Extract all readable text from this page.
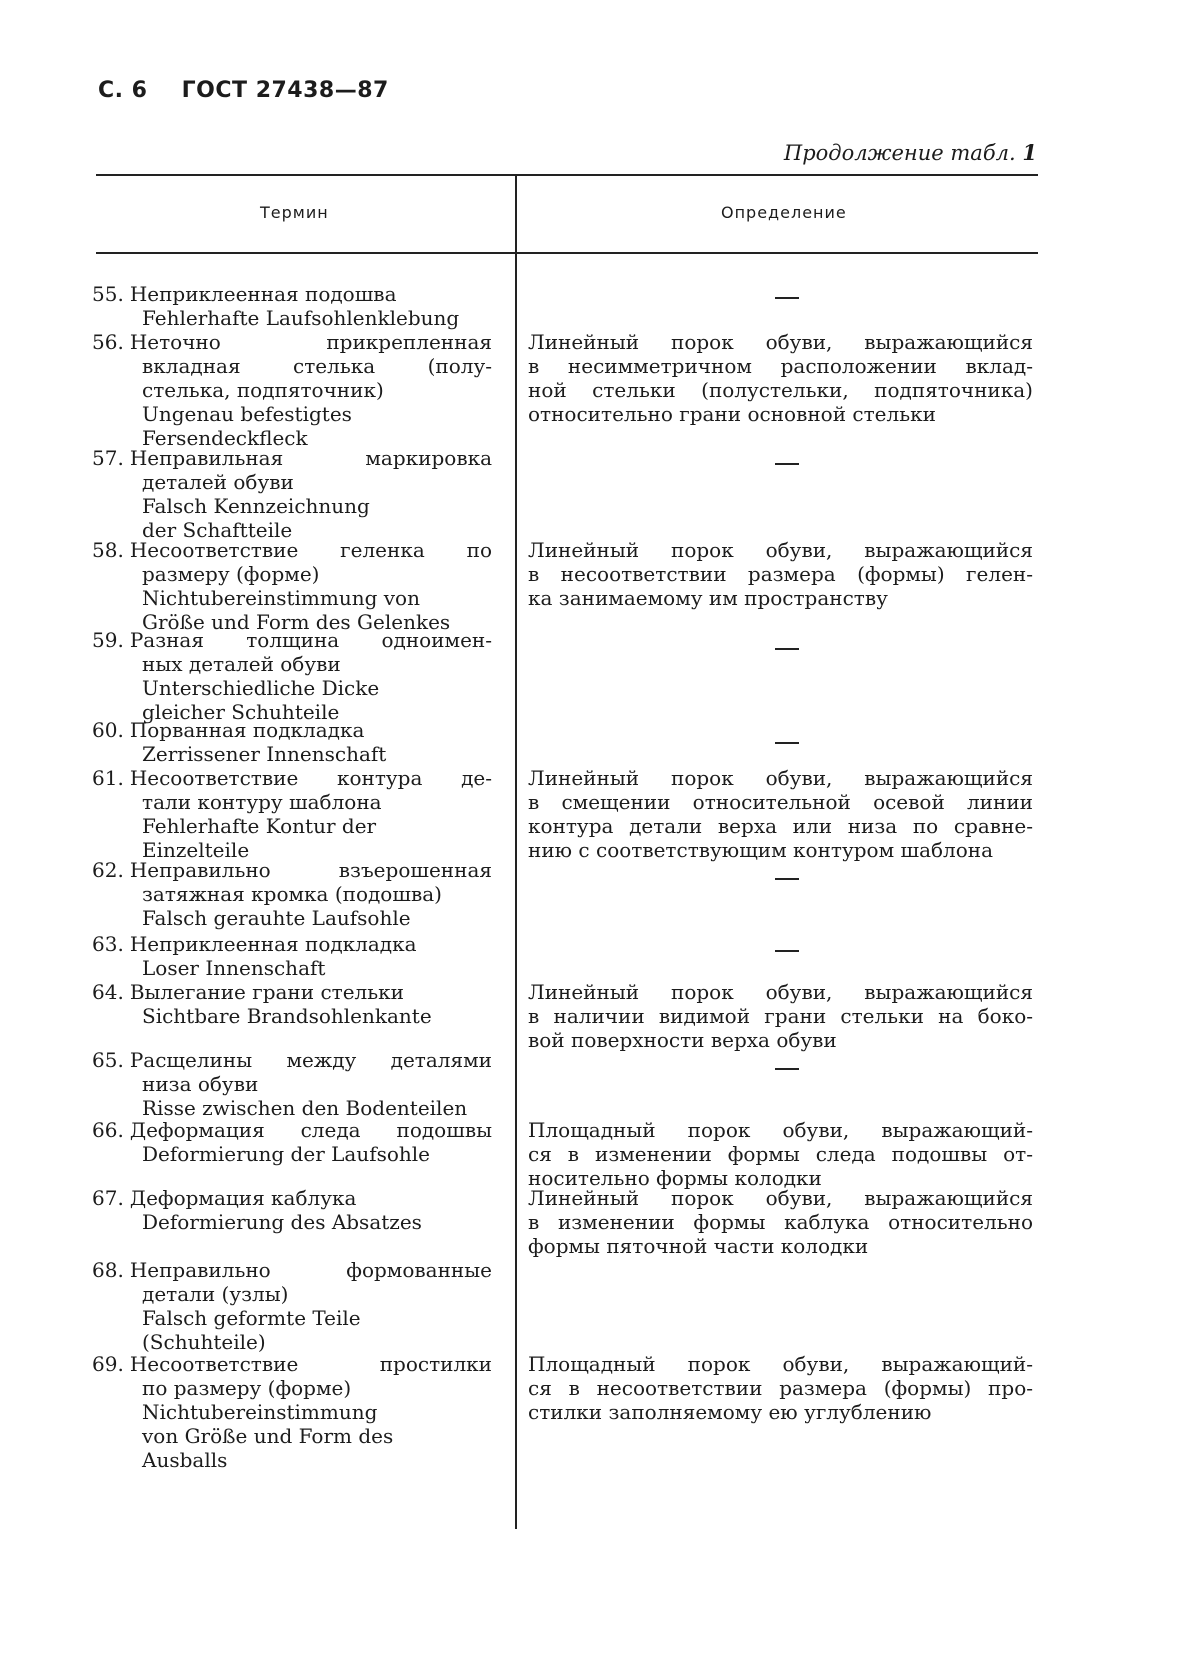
С. 6 ГОСТ 27438—87
Продолжение табл. 1
Термин	Определение
55. Неприклеенная подошва
Fehlerhafte Laufsohlenklebung
56. Неточно прикрепленная
вкладная стелька (полу-
стелька, подпяточник)
Ungenau befestigtes
Fersendeckfleck
Линейный порок обуви, выражающийся
в несимметричном расположении вклад-
ной стельки (полустельки, подпяточника)
относительно грани основной стельки
57. Неправильная маркировка
деталей обуви
Falsch Kennzeichnung
der Schaftteile
58. Несоответствие геленка по
размеру (форме)
Nichtubereinstimmung von
Größe und Form des Gelenkes
Линейный порок обуви, выражающийся
в несоответствии размера (формы) гелен-
ка занимаемому им пространству
59. Разная толщина одноимен-
ных деталей обуви
Unterschiedliche Dicke
gleicher Schuhteile
60. Порванная подкладка
Zerrissener Innenschaft
61. Несоответствие контура де-
тали контуру шаблона
Fehlerhafte Kontur der
Einzelteile
Линейный порок обуви, выражающийся
в смещении относительной осевой линии
контура детали верха или низа по сравне-
нию с соответствующим контуром шаблона
62. Неправильно взъерошенная
затяжная кромка (подошва)
Falsch gerauhte Laufsohle
63. Неприклеенная подкладка
Loser Innenschaft
64. Вылегание грани стельки
Sichtbare Brandsohlenkante
Линейный порок обуви, выражающийся
в наличии видимой грани стельки на боко-
вой поверхности верха обуви
65. Расщелины между деталями
низа обуви
Risse zwischen den Bodenteilen
66. Деформация следа подошвы
Deformierung der Laufsohle
Площадный порок обуви, выражающий-
ся в изменении формы следа подошвы от-
носительно формы колодки
67. Деформация каблука
Deformierung des Absatzes
Линейный порок обуви, выражающийся
в изменении формы каблука относительно
формы пяточной части колодки
68. Неправильно формованные
детали (узлы)
Falsch geformte Teile
(Schuhteile)
69. Несоответствие простилки
по размеру (форме)
Nichtubereinstimmung
von Größe und Form des
Ausballs
Площадный порок обуви, выражающий-
ся в несоответствии размера (формы) про-
стилки заполняемому ею углублению
